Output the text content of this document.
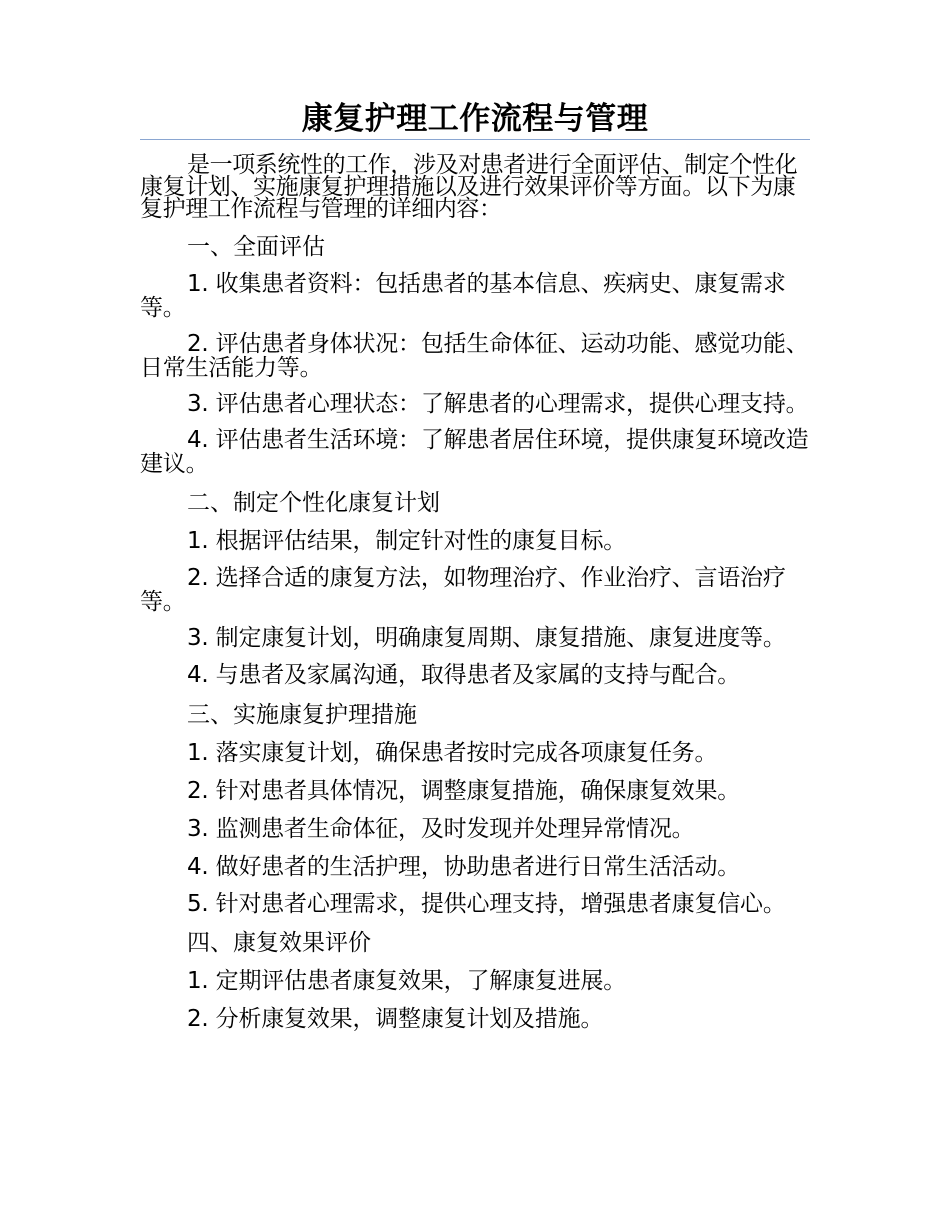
康复护理工作流程与管理

是一项系统性的工作，涉及对患者进行全面评估、制定个性化康复计划、实施康复护理措施以及进行效果评价等方面。以下为康复护理工作流程与管理的详细内容：

一、全面评估

1. 收集患者资料：包括患者的基本信息、疾病史、康复需求等。

2. 评估患者身体状况：包括生命体征、运动功能、感觉功能、日常生活能力等。

3. 评估患者心理状态：了解患者的心理需求，提供心理支持。

4. 评估患者生活环境：了解患者居住环境，提供康复环境改造建议。

二、制定个性化康复计划

1. 根据评估结果，制定针对性的康复目标。

2. 选择合适的康复方法，如物理治疗、作业治疗、言语治疗等。

3. 制定康复计划，明确康复周期、康复措施、康复进度等。

4. 与患者及家属沟通，取得患者及家属的支持与配合。

三、实施康复护理措施

1. 落实康复计划，确保患者按时完成各项康复任务。

2. 针对患者具体情况，调整康复措施，确保康复效果。

3. 监测患者生命体征，及时发现并处理异常情况。

4. 做好患者的生活护理，协助患者进行日常生活活动。

5. 针对患者心理需求，提供心理支持，增强患者康复信心。

四、康复效果评价

1. 定期评估患者康复效果，了解康复进展。

2. 分析康复效果，调整康复计划及措施。
